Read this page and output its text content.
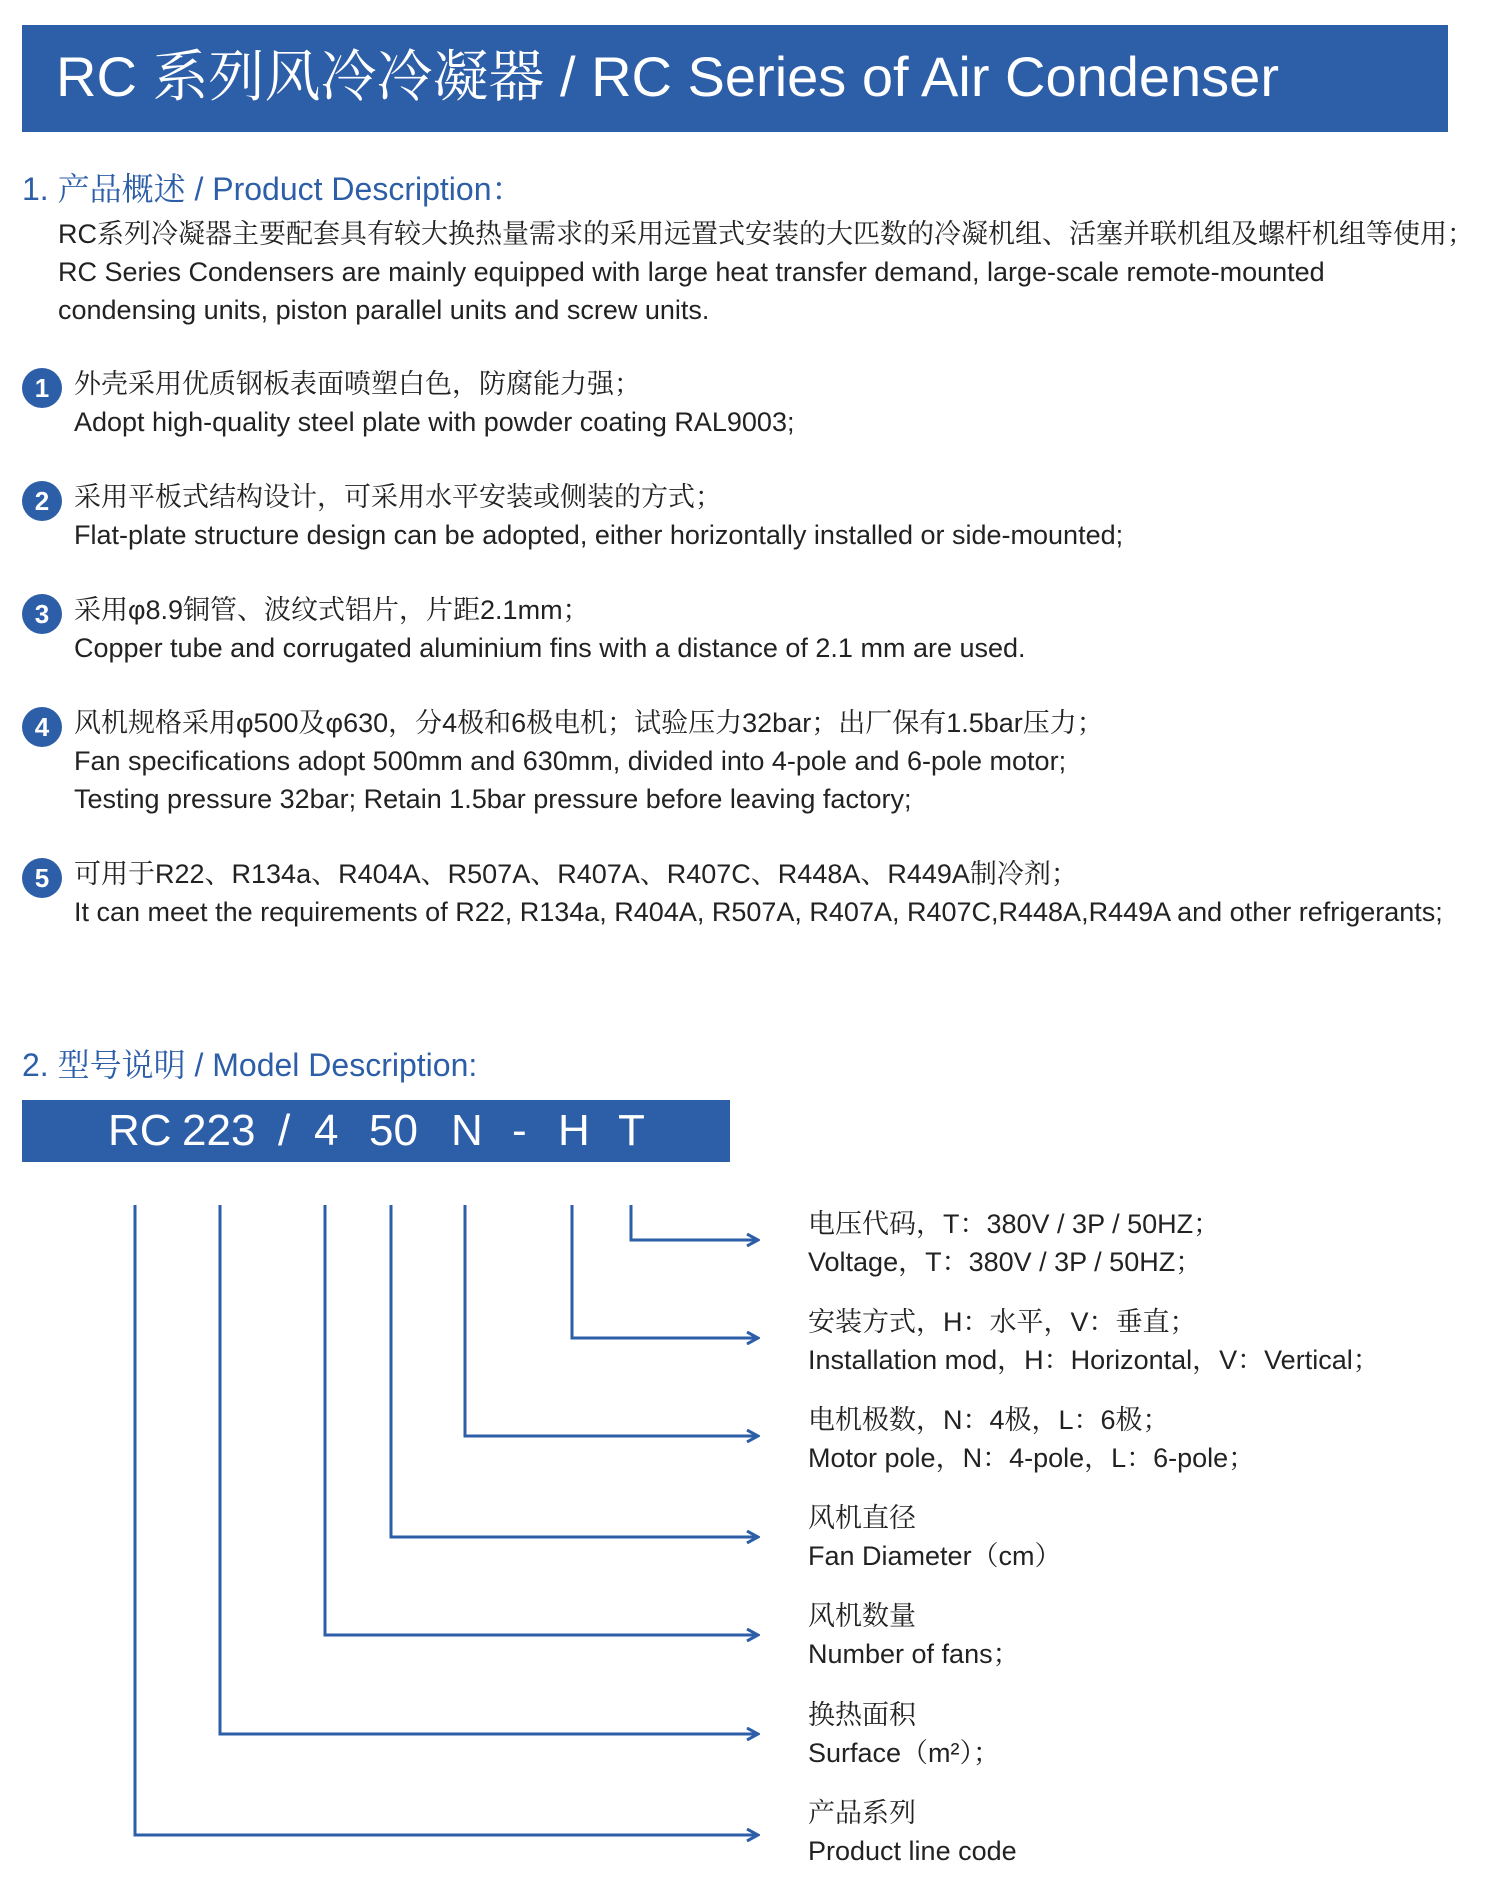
RC 系列风冷冷凝器 / RC Series of Air Condenser
1. 产品概述 / Product Description：
RC系列冷凝器主要配套具有较大换热量需求的采用远置式安装的大匹数的冷凝机组、活塞并联机组及螺杆机组等使用；
RC Series Condensers are mainly equipped with large heat transfer demand, large-scale remote-mounted
condensing units, piston parallel units and screw units.
1 外壳采用优质钢板表面喷塑白色，防腐能力强；
Adopt high-quality steel plate with powder coating RAL9003;
2 采用平板式结构设计，可采用水平安装或侧装的方式；
Flat-plate structure design can be adopted, either horizontally installed or side-mounted;
3 采用φ8.9铜管、波纹式铝片，片距2.1mm；
Copper tube and corrugated aluminium fins with a distance of 2.1 mm are used.
4 风机规格采用φ500及φ630，分4极和6极电机；试验压力32bar；出厂保有1.5bar压力；
Fan specifications adopt 500mm and 630mm, divided into 4-pole and 6-pole motor;
Testing pressure 32bar; Retain 1.5bar pressure before leaving factory;
5 可用于R22、R134a、R404A、R507A、R407A、R407C、R448A、R449A制冷剂；
It can meet the requirements of R22, R134a, R404A, R507A, R407A, R407C,R448A,R449A and other refrigerants;
2. 型号说明 / Model Description:
RC 223 / 4 50 N - H T
电压代码，T：380V / 3P / 50HZ；
Voltage，T：380V / 3P / 50HZ；
安装方式，H：水平，V：垂直；
Installation mod，H：Horizontal，V：Vertical；
电机极数，N：4极，L：6极；
Motor pole，N：4-pole，L：6-pole；
风机直径
Fan Diameter（cm）
风机数量
Number of fans；
换热面积
Surface（m²）；
产品系列
Product line code
